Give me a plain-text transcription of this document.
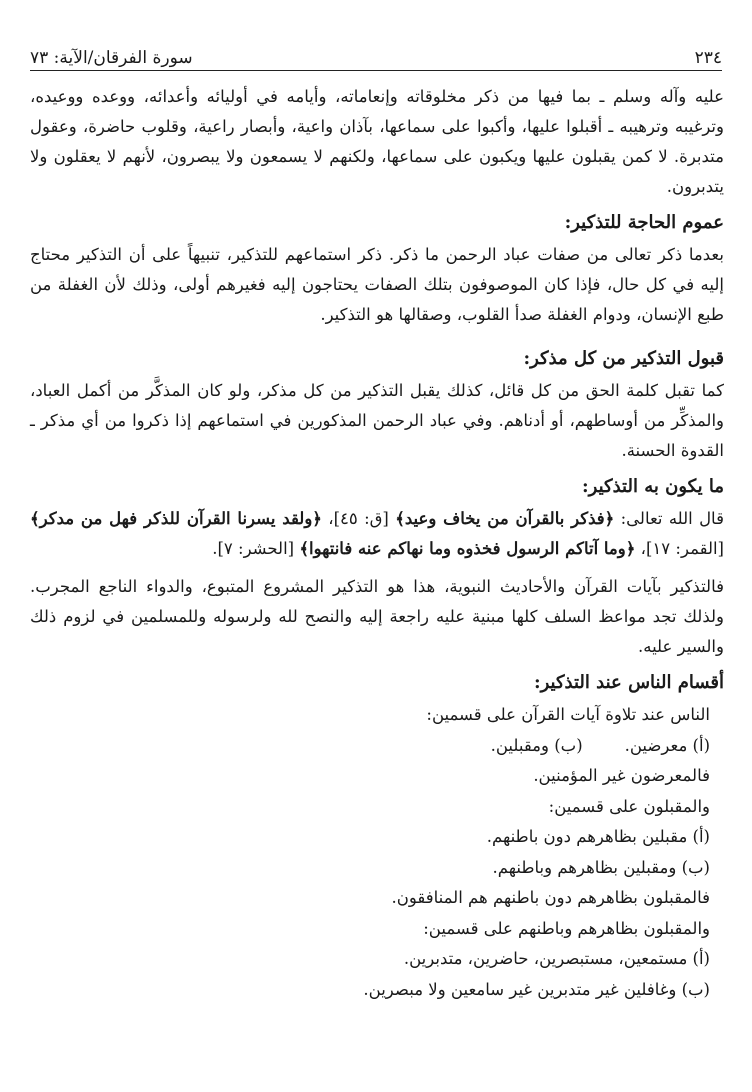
٢٣٤
سورة الفرقان/الآية: ٧٣

عليه وآله وسلم ـ بما فيها من ذكر مخلوقاته وإنعاماته، وأيامه في أوليائه وأعدائه، ووعده ووعيده، وترغيبه وترهيبه ـ أقبلوا عليها، وأكبوا على سماعها، بآذان واعية، وأبصار راعية، وقلوب حاضرة، وعقول متدبرة. لا كمن يقبلون عليها ويكبون على سماعها، ولكنهم لا يسمعون ولا يبصرون، لأنهم لا يعقلون ولا يتدبرون.

عموم الحاجة للتذكير:

بعدما ذكر تعالى من صفات عباد الرحمن ما ذكر. ذكر استماعهم للتذكير، تنبيهاً على أن التذكير محتاج إليه في كل حال، فإذا كان الموصوفون بتلك الصفات يحتاجون إليه فغيرهم أولى، وذلك لأن الغفلة من طبع الإنسان، ودوام الغفلة صدأ القلوب، وصقالها هو التذكير.

قبول التذكير من كل مذكر:

كما تقبل كلمة الحق من كل قائل، كذلك يقبل التذكير من كل مذكر، ولو كان المذكَّر من أكمل العباد، والمذكِّر من أوساطهم، أو أدناهم. وفي عباد الرحمن المذكورين في استماعهم إذا ذكروا من أي مذكر ـ القدوة الحسنة.

ما يكون به التذكير:

قال الله تعالى: ﴿فذكر بالقرآن من يخاف وعيد﴾ [ق: ٤٥]، ﴿ولقد يسرنا القرآن للذكر فهل من مدكر﴾ [القمر: ١٧]، ﴿وما آتاكم الرسول فخذوه وما نهاكم عنه فانتهوا﴾ [الحشر: ٧].

فالتذكير بآيات القرآن والأحاديث النبوية، هذا هو التذكير المشروع المتبوع، والدواء الناجع المجرب. ولذلك تجد مواعظ السلف كلها مبنية عليه راجعة إليه والنصح لله ولرسوله وللمسلمين في لزوم ذلك والسير عليه.

أقسام الناس عند التذكير:
الناس عند تلاوة آيات القرآن على قسمين:
(أ) معرضين.        (ب) ومقبلين.
فالمعرضون غير المؤمنين.
والمقبلون على قسمين:
(أ) مقبلين بظاهرهم دون باطنهم.
(ب) ومقبلين بظاهرهم وباطنهم.
فالمقبلون بظاهرهم دون باطنهم هم المنافقون.
والمقبلون بظاهرهم وباطنهم على قسمين:
(أ) مستمعين، مستبصرين، حاضرين، متدبرين.
(ب) وغافلين غير متدبرين غير سامعين ولا مبصرين.
